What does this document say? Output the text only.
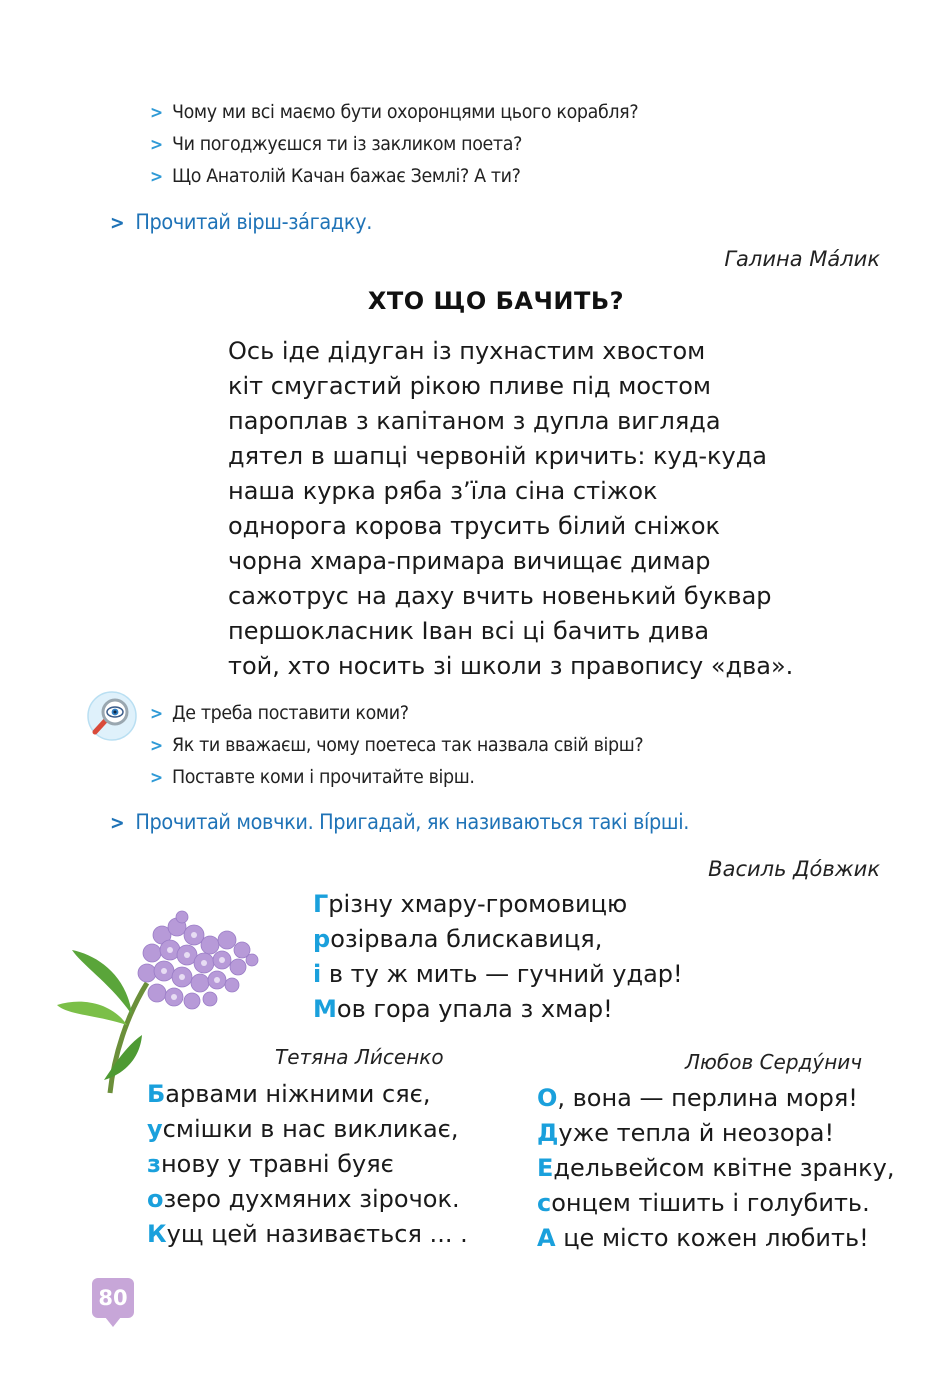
> Чому ми всі маємо бути охоронцями цього корабля?
> Чи погоджуєшся ти із закликом поета?
> Що Анатолій Качан бажає Землі? А ти?
> Прочитай вірш-за́гадку.
Галина Ма́лик
ХТО ЩО БАЧИТЬ?
Ось іде дідуган із пухнастим хвостом
кіт смугастий рікою пливе під мостом
пароплав з капітаном з дупла вигляда
дятел в шапці червоній кричить: куд-куда
наша курка ряба з’їла сіна стіжок
однорога корова трусить білий сніжок
чорна хмара-примара вичищає димар
сажотрус на даху вчить новенький буквар
першокласник Іван всі ці бачить дива
той, хто носить зі школи з правопису «два».
> Де треба поставити коми?
> Як ти вважаєш, чому поетеса так назвала свій вірш?
> Поставте коми і прочитайте вірш.
> Прочитай мовчки. Пригадай, як називаються такі ві́рші.
Василь До́вжик
Грізну хмару-громовицю
розірвала блискавиця,
і в ту ж мить — гучний удар!
Мов гора упала з хмар!
Тетяна Ли́сенко
Барвами ніжними сяє,
усмішки в нас викликає,
знову у травні буяє
озеро духмяних зірочок.
Кущ цей називається ... .
Любов Серду́нич
О, вона — перлина моря!
Дуже тепла й неозора!
Едельвейсом квітне зранку,
сонцем тішить і голубить.
А це місто кожен любить!
80
